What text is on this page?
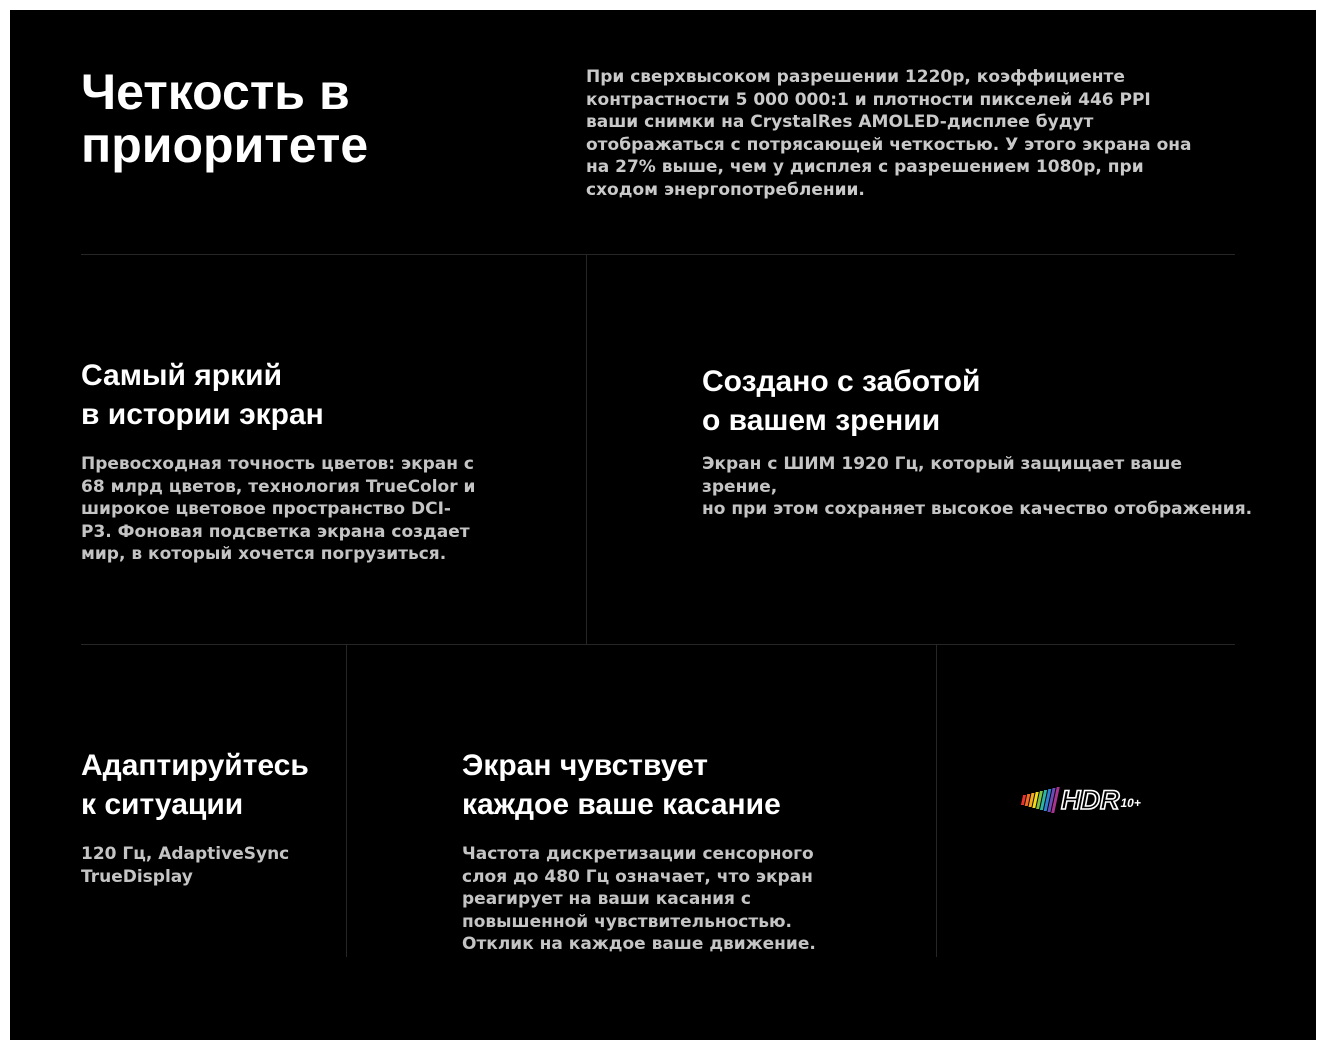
Четкость в
приоритете

При сверхвысоком разрешении 1220p, коэффициенте контрастности 5 000 000:1 и плотности пикселей 446 PPI ваши снимки на CrystalRes AMOLED-дисплее будут отображаться с потрясающей четкостью. У этого экрана она на 27% выше, чем у дисплея с разрешением 1080p, при сходом энергопотреблении.

Самый яркий
в истории экран

Превосходная точность цветов: экран с
68 млрд цветов, технология TrueColor и
широкое цветовое пространство DCI-
P3. Фоновая подсветка экрана создает
мир, в который хочется погрузиться.

Создано с заботой
о вашем зрении

Экран с ШИМ 1920 Гц, который защищает ваше зрение,
но при этом сохраняет высокое качество отображения.

Адаптируйтесь
к ситуации

120 Гц, AdaptiveSync
TrueDisplay

Экран чувствует
каждое ваше касание

Частота дискретизации сенсорного
слоя до 480 Гц означает, что экран
реагирует на ваши касания с
повышенной чувствительностью.
Отклик на каждое ваше движение.

HDR 10+
